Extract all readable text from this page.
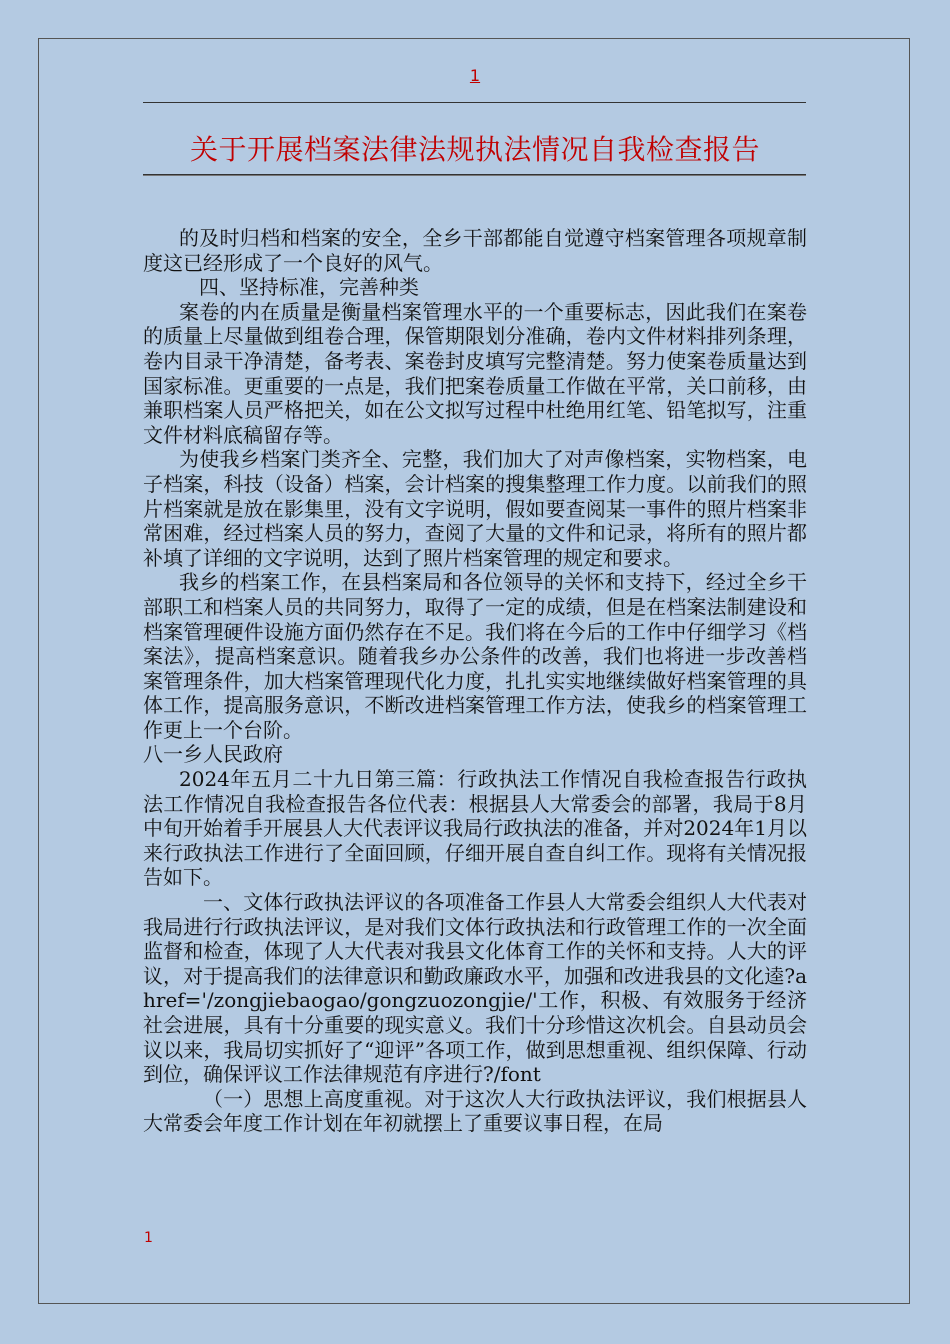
1
关于开展档案法律法规执法情况自我检查报告

的及时归档和档案的安全，全乡干部都能自觉遵守档案管理各项规章制度这已经形成了一个良好的风气。

四、坚持标准，完善种类

案卷的内在质量是衡量档案管理水平的一个重要标志，因此我们在案卷的质量上尽量做到组卷合理，保管期限划分准确，卷内文件材料排列条理，卷内目录干净清楚，备考表、案卷封皮填写完整清楚。努力使案卷质量达到国家标准。更重要的一点是，我们把案卷质量工作做在平常，关口前移，由兼职档案人员严格把关，如在公文拟写过程中杜绝用红笔、铅笔拟写，注重文件材料底稿留存等。

为使我乡档案门类齐全、完整，我们加大了对声像档案，实物档案，电子档案，科技（设备）档案，会计档案的搜集整理工作力度。以前我们的照片档案就是放在影集里，没有文字说明，假如要查阅某一事件的照片档案非常困难，经过档案人员的努力，查阅了大量的文件和记录，将所有的照片都补填了详细的文字说明，达到了照片档案管理的规定和要求。

我乡的档案工作，在县档案局和各位领导的关怀和支持下，经过全乡干部职工和档案人员的共同努力，取得了一定的成绩，但是在档案法制建设和档案管理硬件设施方面仍然存在不足。我们将在今后的工作中仔细学习《档案法》，提高档案意识。随着我乡办公条件的改善，我们也将进一步改善档案管理条件，加大档案管理现代化力度，扎扎实实地继续做好档案管理的具体工作，提高服务意识，不断改进档案管理工作方法，使我乡的档案管理工作更上一个台阶。

八一乡人民政府

2024年五月二十九日第三篇：行政执法工作情况自我检查报告行政执法工作情况自我检查报告各位代表：根据县人大常委会的部署，我局于8月中旬开始着手开展县人大代表评议我局行政执法的准备，并对2024年1月以来行政执法工作进行了全面回顾，仔细开展自查自纠工作。现将有关情况报告如下。

一、文体行政执法评议的各项准备工作县人大常委会组织人大代表对我局进行行政执法评议，是对我们文体行政执法和行政管理工作的一次全面监督和检查，体现了人大代表对我县文化体育工作的关怀和支持。人大的评议，对于提高我们的法律意识和勤政廉政水平，加强和改进我县的文化逵?a href='/zongjiebaogao/gongzuozongjie/'工作，积极、有效服务于经济社会进展，具有十分重要的现实意义。我们十分珍惜这次机会。自县动员会议以来，我局切实抓好了“迎评”各项工作，做到思想重视、组织保障、行动到位，确保评议工作法律规范有序进行?/font

（一）思想上高度重视。对于这次人大行政执法评议，我们根据县人大常委会年度工作计划在年初就摆上了重要议事日程，在局

1
